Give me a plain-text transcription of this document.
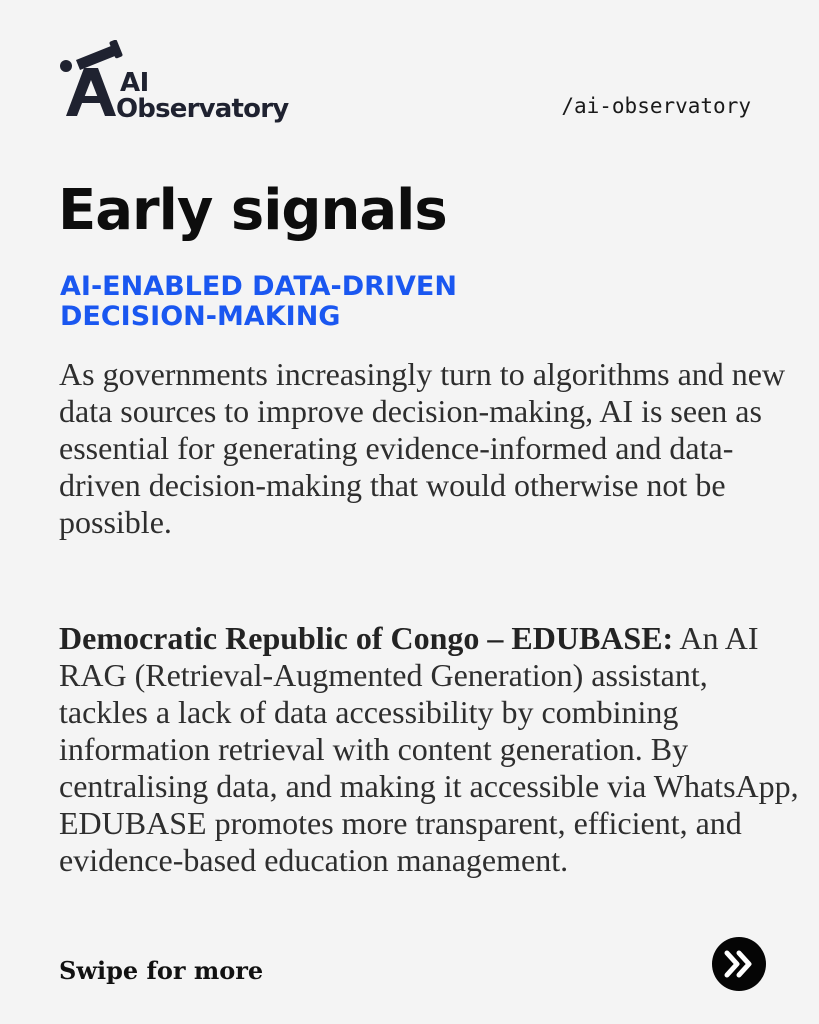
AI
Observatory	/ai-observatory
Early signals
AI-ENABLED DATA-DRIVEN DECISION-MAKING

As governments increasingly turn to algorithms and new data sources to improve decision-making, AI is seen as essential for generating evidence-informed and data-driven decision-making that would otherwise not be possible.

Democratic Republic of Congo – EDUBASE: An AI RAG (Retrieval-Augmented Generation) assistant, tackles a lack of data accessibility by combining information retrieval with content generation. By centralising data, and making it accessible via WhatsApp, EDUBASE promotes more transparent, efficient, and evidence-based education management.

Swipe for more
